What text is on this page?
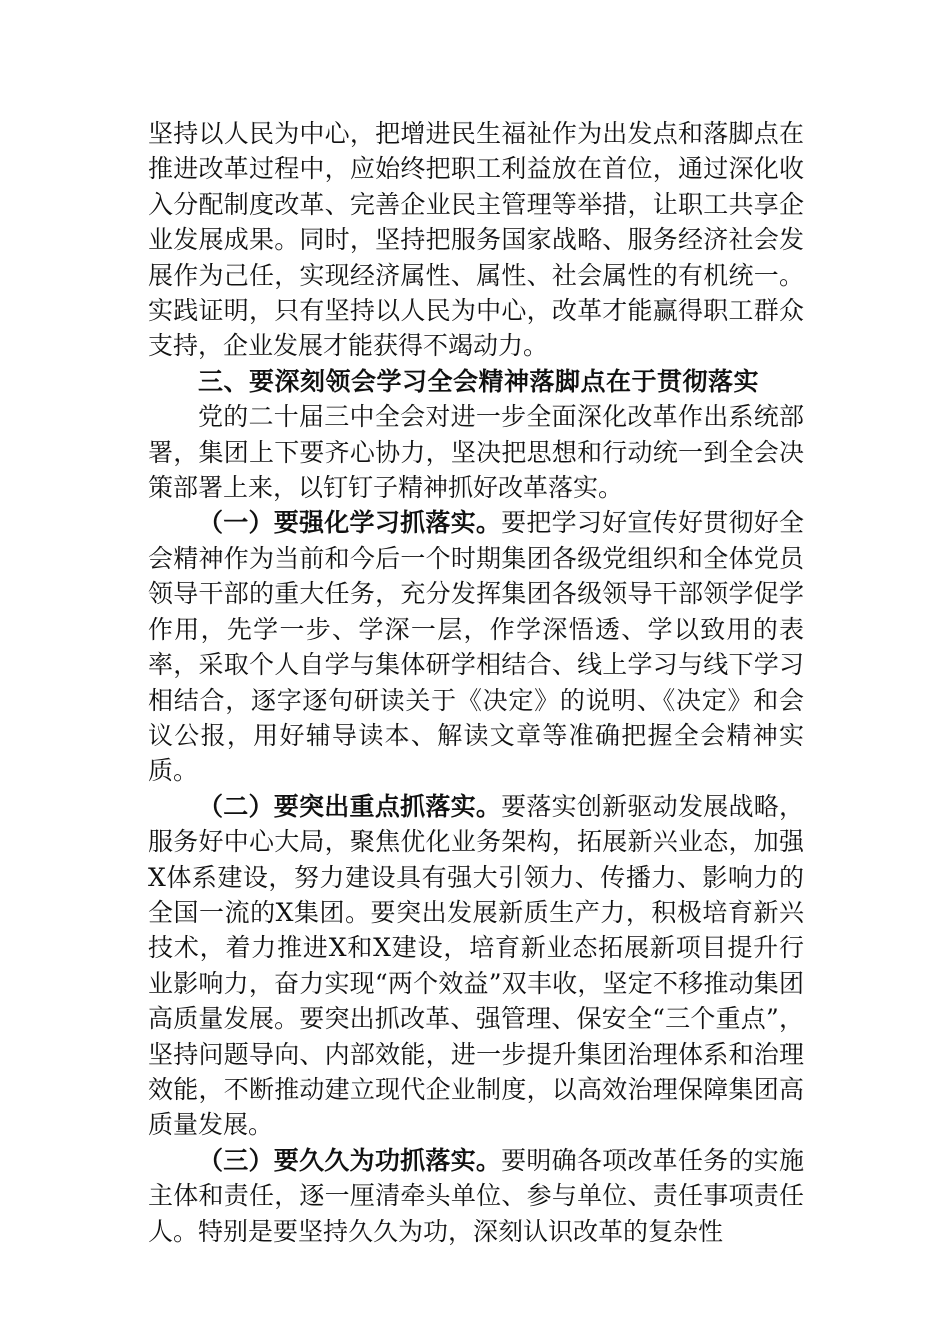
坚持以人民为中心，把增进民生福祉作为出发点和落脚点在推进改革过程中，应始终把职工利益放在首位，通过深化收入分配制度改革、完善企业民主管理等举措，让职工共享企业发展成果。同时，坚持把服务国家战略、服务经济社会发展作为己任，实现经济属性、属性、社会属性的有机统一。实践证明，只有坚持以人民为中心，改革才能赢得职工群众支持，企业发展才能获得不竭动力。

三、要深刻领会学习全会精神落脚点在于贯彻落实

党的二十届三中全会对进一步全面深化改革作出系统部署，集团上下要齐心协力，坚决把思想和行动统一到全会决策部署上来，以钉钉子精神抓好改革落实。

（一）要强化学习抓落实。要把学习好宣传好贯彻好全会精神作为当前和今后一个时期集团各级党组织和全体党员领导干部的重大任务，充分发挥集团各级领导干部领学促学作用，先学一步、学深一层，作学深悟透、学以致用的表率，采取个人自学与集体研学相结合、线上学习与线下学习相结合，逐字逐句研读关于《决定》的说明、《决定》和会议公报，用好辅导读本、解读文章等准确把握全会精神实质。

（二）要突出重点抓落实。要落实创新驱动发展战略，服务好中心大局，聚焦优化业务架构，拓展新兴业态，加强X体系建设，努力建设具有强大引领力、传播力、影响力的全国一流的X集团。要突出发展新质生产力，积极培育新兴技术，着力推进X和X建设，培育新业态拓展新项目提升行业影响力，奋力实现“两个效益”双丰收，坚定不移推动集团高质量发展。要突出抓改革、强管理、保安全“三个重点”，坚持问题导向、内部效能，进一步提升集团治理体系和治理效能，不断推动建立现代企业制度，以高效治理保障集团高质量发展。

（三）要久久为功抓落实。要明确各项改革任务的实施主体和责任，逐一厘清牵头单位、参与单位、责任事项责任人。特别是要坚持久久为功，深刻认识改革的复杂性
